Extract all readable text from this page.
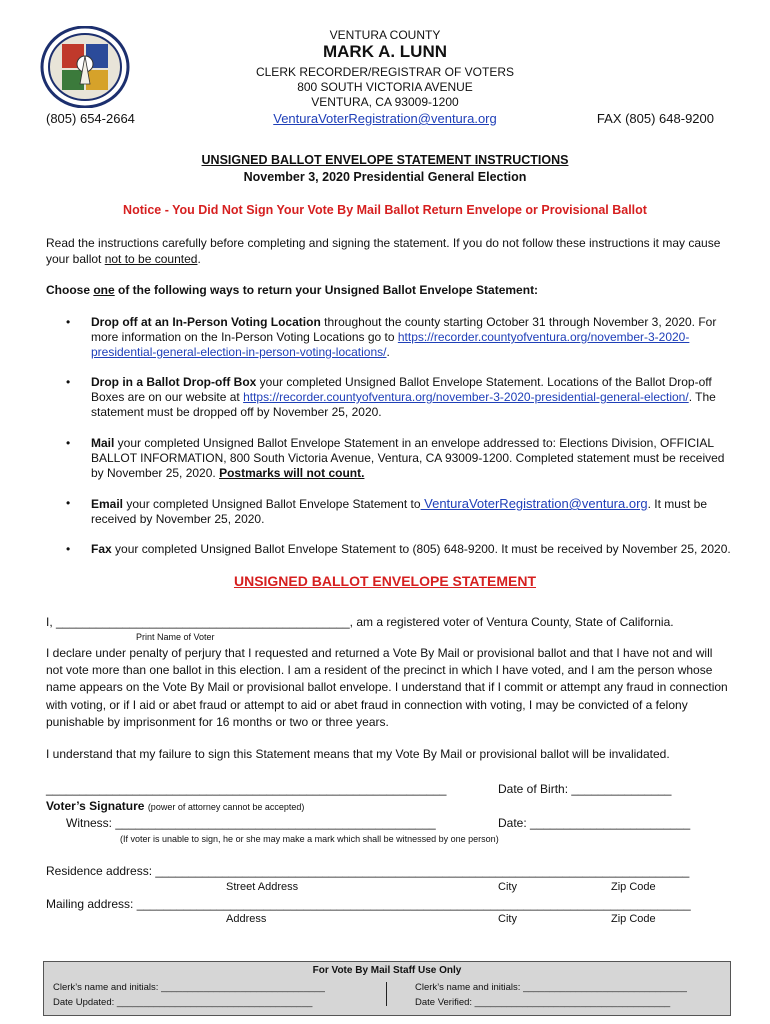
VENTURA COUNTY
MARK A. LUNN
CLERK RECORDER/REGISTRAR OF VOTERS
800 SOUTH VICTORIA AVENUE
VENTURA, CA 93009-1200
(805) 654-2664	VenturaVoterRegistration@ventura.org	FAX (805) 648-9200
UNSIGNED BALLOT ENVELOPE STATEMENT INSTRUCTIONS
November 3, 2020 Presidential General Election
Notice - You Did Not Sign Your Vote By Mail Ballot Return Envelope or Provisional Ballot
Read the instructions carefully before completing and signing the statement. If you do not follow these instructions it may cause your ballot not to be counted.
Choose one of the following ways to return your Unsigned Ballot Envelope Statement:
• Drop off at an In-Person Voting Location throughout the county starting October 31 through November 3, 2020. For more information on the In-Person Voting Locations go to https://recorder.countyofventura.org/november-3-2020-presidential-general-election-in-person-voting-locations/.
• Drop in a Ballot Drop-off Box your completed Unsigned Ballot Envelope Statement. Locations of the Ballot Drop-off Boxes are on our website at https://recorder.countyofventura.org/november-3-2020-presidential-general-election/. The statement must be dropped off by November 25, 2020.
• Mail your completed Unsigned Ballot Envelope Statement in an envelope addressed to: Elections Division, OFFICIAL BALLOT INFORMATION, 800 South Victoria Avenue, Ventura, CA 93009-1200. Completed statement must be received by November 25, 2020. Postmarks will not count.
• Email your completed Unsigned Ballot Envelope Statement to VenturaVoterRegistration@ventura.org. It must be received by November 25, 2020.
• Fax your completed Unsigned Ballot Envelope Statement to (805) 648-9200. It must be received by November 25, 2020.
UNSIGNED BALLOT ENVELOPE STATEMENT
I, ____________________________________________, am a registered voter of Ventura County, State of California.
Print Name of Voter
I declare under penalty of perjury that I requested and returned a Vote By Mail or provisional ballot and that I have not and will not vote more than one ballot in this election. I am a resident of the precinct in which I have voted, and I am the person whose name appears on the Vote By Mail or provisional ballot envelope. I understand that if I commit or attempt any fraud in connection with voting, or if I aid or abet fraud or attempt to aid or abet fraud in connection with voting, I may be convicted of a felony punishable by imprisonment for 16 months or two or three years.
I understand that my failure to sign this Statement means that my Vote By Mail or provisional ballot will be invalidated.
____________________________________________________________	Date of Birth: _______________
Voter’s Signature (power of attorney cannot be accepted)
Witness: ________________________________________________	Date: ________________________
(If voter is unable to sign, he or she may make a mark which shall be witnessed by one person)
Residence address: ________________________________________________________________________________
Street Address	City	Zip Code
Mailing address: ___________________________________________________________________________________
Address	City	Zip Code
For Vote By Mail Staff Use Only
Clerk’s name and initials: _______________________________
Date Updated: _____________________________________
Clerk’s name and initials: _______________________________
Date Verified: _____________________________________
